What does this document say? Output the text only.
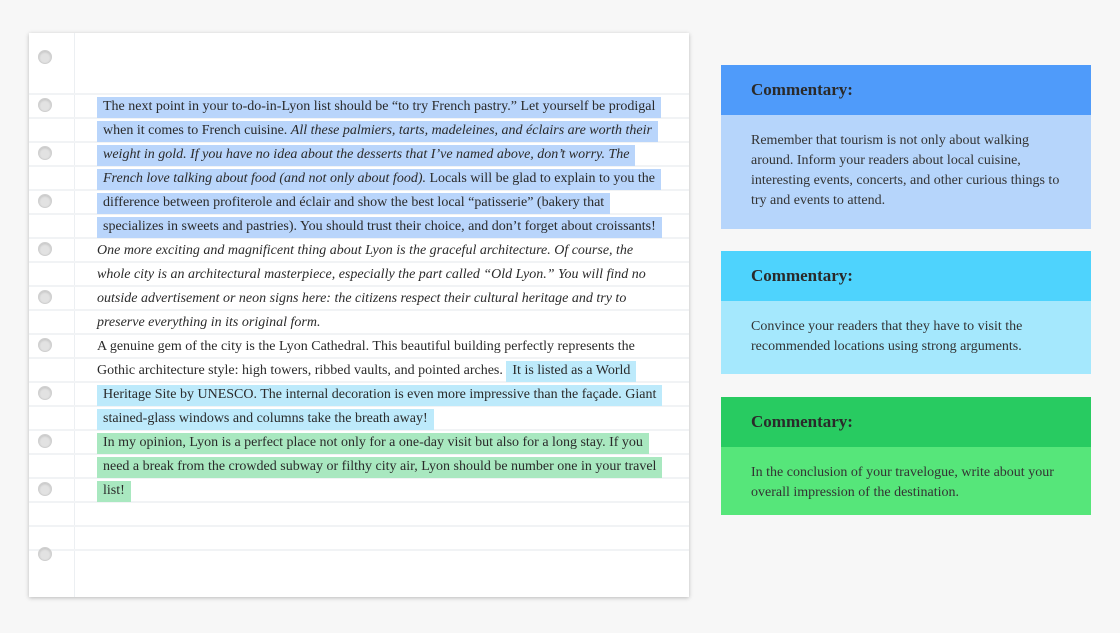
The next point in your to-do-in-Lyon list should be “to try French pastry.” Let yourself be prodigal when it comes to French cuisine. All these palmiers, tarts, madeleines, and éclairs are worth their weight in gold. If you have no idea about the desserts that I’ve named above, don’t worry. The French love talking about food (and not only about food). Locals will be glad to explain to you the difference between profiterole and éclair and show the best local “patisserie” (bakery that specializes in sweets and pastries). You should trust their choice, and don’t forget about croissants!

One more exciting and magnificent thing about Lyon is the graceful architecture. Of course, the whole city is an architectural masterpiece, especially the part called “Old Lyon.” You will find no outside advertisement or neon signs here: the citizens respect their cultural heritage and try to preserve everything in its original form.

A genuine gem of the city is the Lyon Cathedral. This beautiful building perfectly represents the Gothic architecture style: high towers, ribbed vaults, and pointed arches. It is listed as a World Heritage Site by UNESCO. The internal decoration is even more impressive than the façade. Giant stained-glass windows and columns take the breath away!

In my opinion, Lyon is a perfect place not only for a one-day visit but also for a long stay. If you need a break from the crowded subway or filthy city air, Lyon should be number one in your travel list!

Commentary:
Remember that tourism is not only about walking around. Inform your readers about local cuisine, interesting events, concerts, and other curious things to try and events to attend.
Commentary:
Convince your readers that they have to visit the recommended locations using strong arguments.
Commentary:
In the conclusion of your travelogue, write about your overall impression of the destination.
